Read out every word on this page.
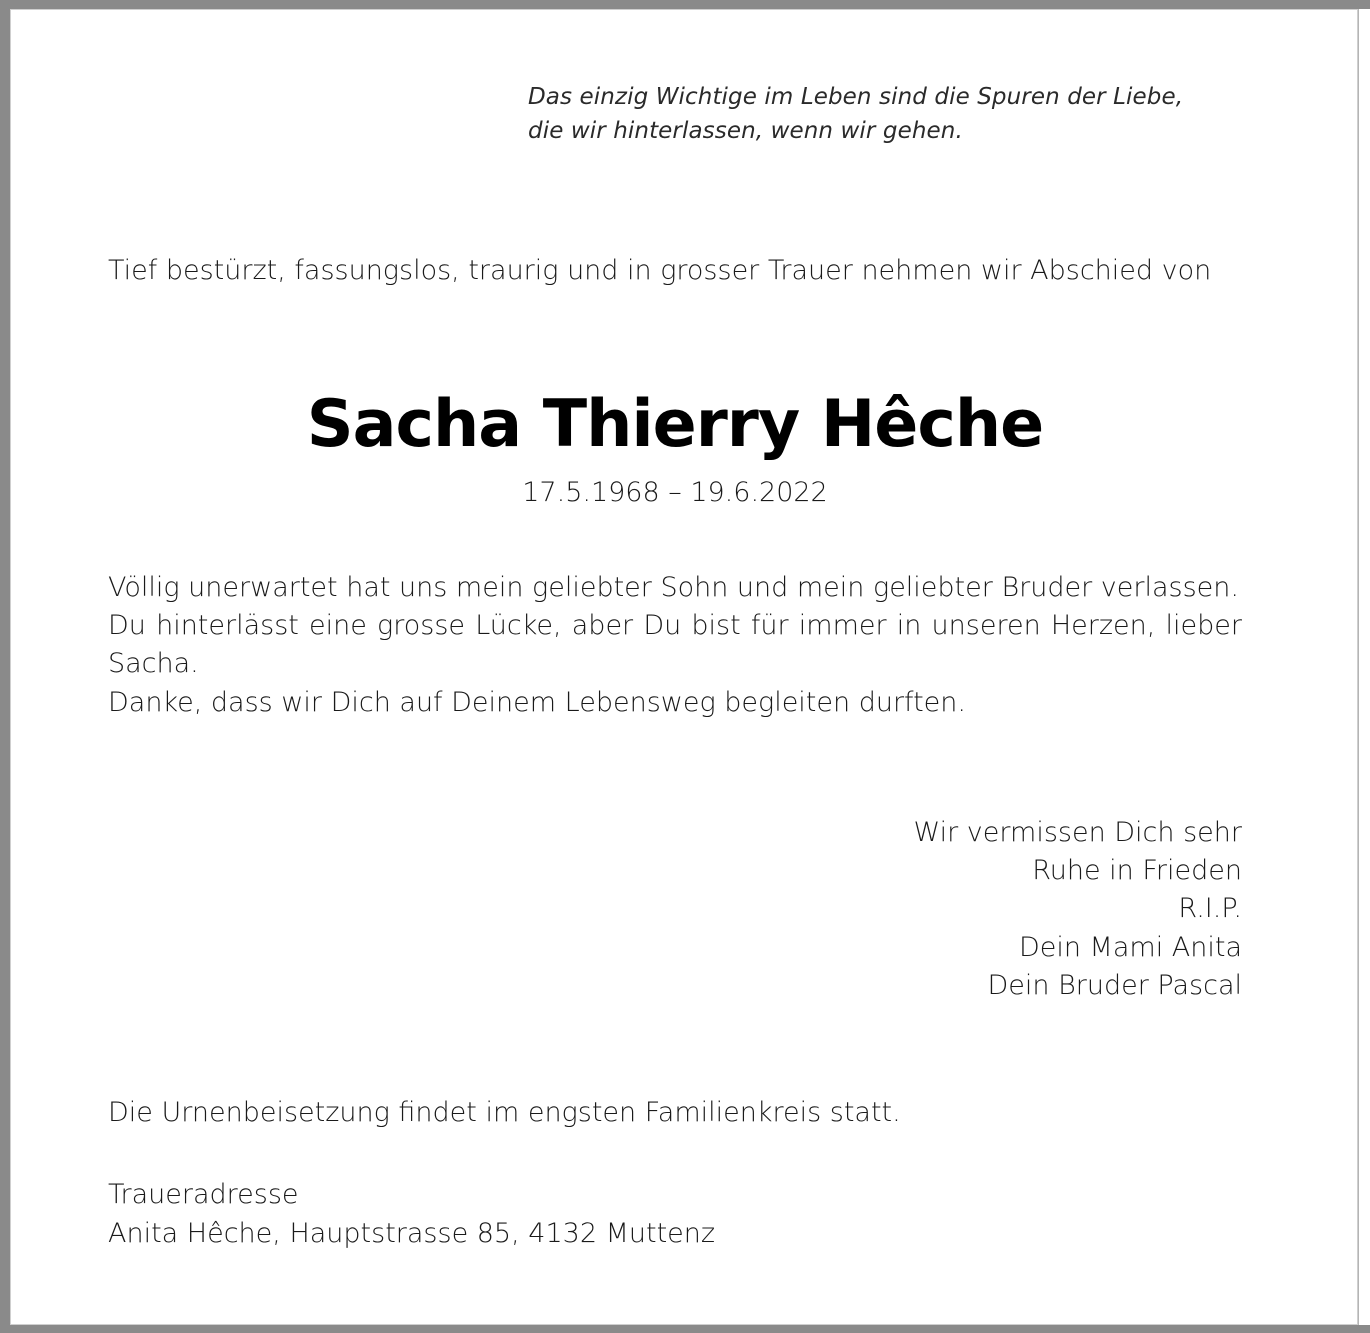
Das einzig Wichtige im Leben sind die Spuren der Liebe,
die wir hinterlassen, wenn wir gehen.

Tief bestürzt, fassungslos, traurig und in grosser Trauer nehmen wir Abschied von

Sacha Thierry Hêche

17.5.1968 – 19.6.2022

Völlig unerwartet hat uns mein geliebter Sohn und mein geliebter Bruder verlassen.
Du hinterlässt eine grosse Lücke, aber Du bist für immer in unseren Herzen, lieber Sacha.
Danke, dass wir Dich auf Deinem Lebensweg begleiten durften.
Wir vermissen Dich sehr
Ruhe in Frieden
R.I.P.
Dein Mami Anita
Dein Bruder Pascal

Die Urnenbeisetzung findet im engsten Familienkreis statt.

Traueradresse
Anita Hêche, Hauptstrasse 85, 4132 Muttenz
